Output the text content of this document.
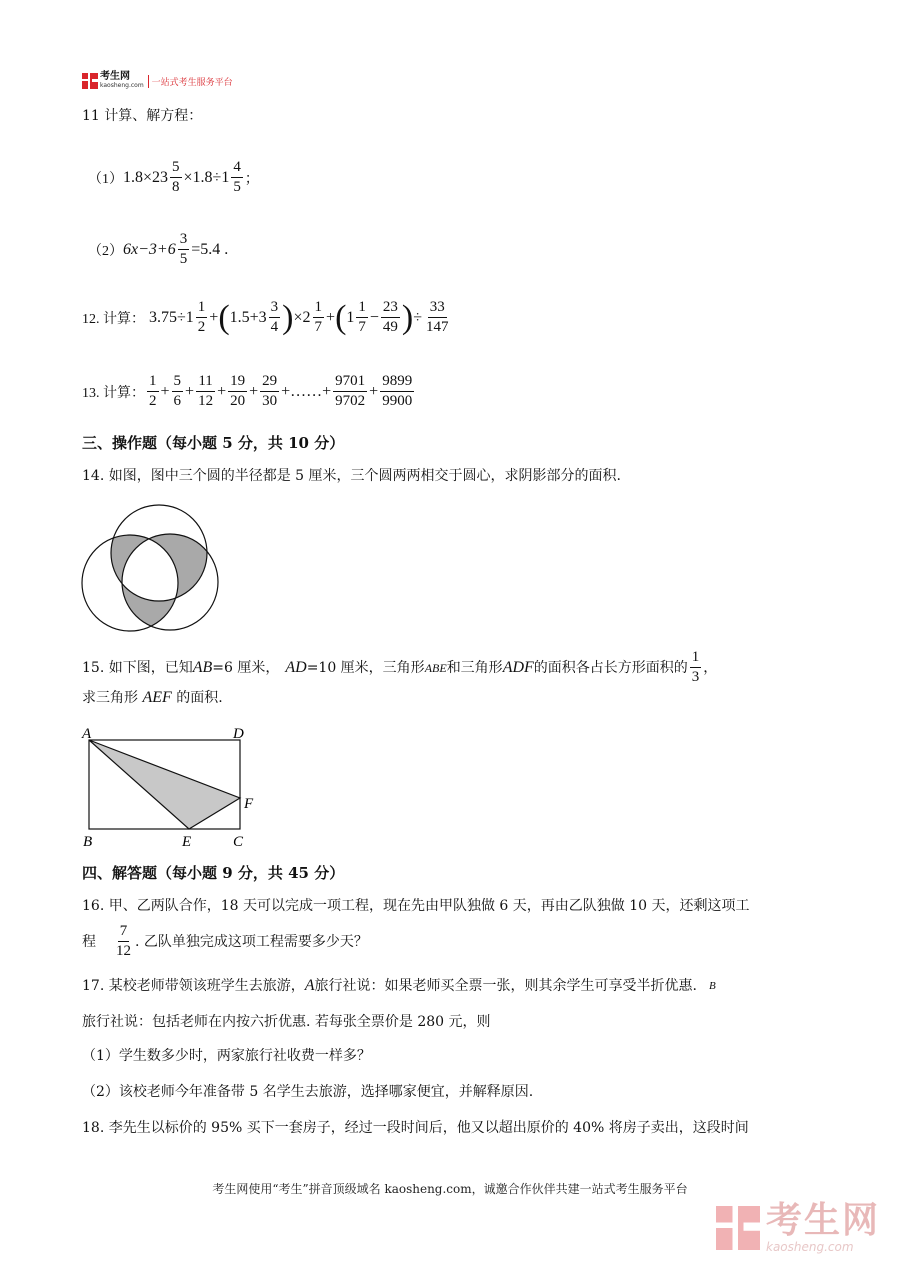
考生网
kaosheng.com 一站式考生服务平台
11 计算、解方程：
（1） $1.8\times 23 \frac{5}{8} \times 1.8\div 1 \frac{4}{5}$ ；
（2） $6x-3+6 \frac{3}{5} =5.4$ .
12. 计算： $3.75\div 1 \frac{1}{2}$ + ( $1.5+3 \frac{3}{4}$ ) $\times 2 \frac{1}{7}$ + ( $1 \frac{1}{7} - \frac{23}{49}$ ) ÷ $\frac{33}{147}$
13. 计算： $\frac{1}{2} + \frac{5}{6} + \frac{11}{12} + \frac{19}{20} + \frac{29}{30}$ +……+ $\frac{9701}{9702} + \frac{9899}{9900}$
三、操作题（每小题 5 分，共 10 分）
14. 如图，图中三个圆的半径都是 5 厘米，三个圆两两相交于圆心，求阴影部分的面积.
15. 如下图，已知 AB =6 厘米， AD =10 厘米，三角形 ABE 和三角形 ADF 的面积各占长方形面积的 $\frac{1}{3}$ ，
求三角形 AEF 的面积.
A	D
B	C
E
F
四、解答题（每小题 9 分，共 45 分）
16. 甲、乙两队合作，18 天可以完成一项工程，现在先由甲队独做 6 天，再由乙队独做 10 天，还剩这项工
程 $\frac{7}{12}$ . 乙队单独完成这项工程需要多少天？
17. 某校老师带领该班学生去旅游， A 旅行社说：如果老师买全票一张，则其余学生可享受半折优惠. B
旅行社说：包括老师在内按六折优惠. 若每张全票价是 280 元，则
（1）学生数多少时，两家旅行社收费一样多？
（2）该校老师今年准备带 5 名学生去旅游，选择哪家便宜，并解释原因.
18. 李先生以标价的 95% 买下一套房子，经过一段时间后，他又以超出原价的 40% 将房子卖出，这段时间
考生网使用“考生”拼音顶级域名 kaosheng.com，诚邀合作伙伴共建一站式考生服务平台
考生网
kaosheng.com
